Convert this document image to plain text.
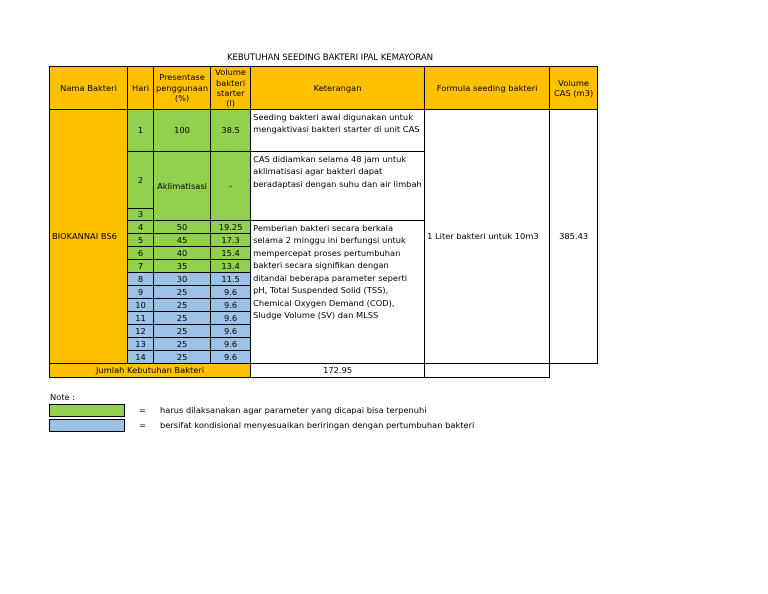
KEBUTUHAN SEEDING BAKTERI IPAL KEMAYORAN
Nama Bakteri	Hari	Presentase penggunaan (%)	Volume bakteri starter (l)	Keterangan	Formula seeding bakteri	Volume CAS (m3)
BIOKANNAI BS6	1	100	38.5	Seeding bakteri awal digunakan untuk mengaktivasi bakteri starter di unit CAS	1 Liter bakteri untuk 10m3	385.43
	2	Aklimatisasi	-	CAS didiamkan selama 48 jam untuk aklimatisasi agar bakteri dapat beradaptasi dengan suhu dan air limbah		
	3					
	4	50	19.25	Pemberian bakteri secara berkala selama 2 minggu ini berfungsi untuk mempercepat proses pertumbuhan bakteri secara signifikan dengan ditandai beberapa parameter seperti pH, Total Suspended Solid (TSS), Chemical Oxygen Demand (COD), Sludge Volume (SV) dan MLSS		
	5	45	17.3			
	6	40	15.4			
	7	35	13.4			
	8	30	11.5			
	9	25	9.6			
	10	25	9.6			
	11	25	9.6			
	12	25	9.6			
	13	25	9.6			
	14	25	9.6			
Jumlah Kebutuhan Bakteri				172.95		
Note :
= harus dilaksanakan agar parameter yang dicapai bisa terpenuhi
= bersifat kondisional menyesuaikan beriringan dengan pertumbuhan bakteri
